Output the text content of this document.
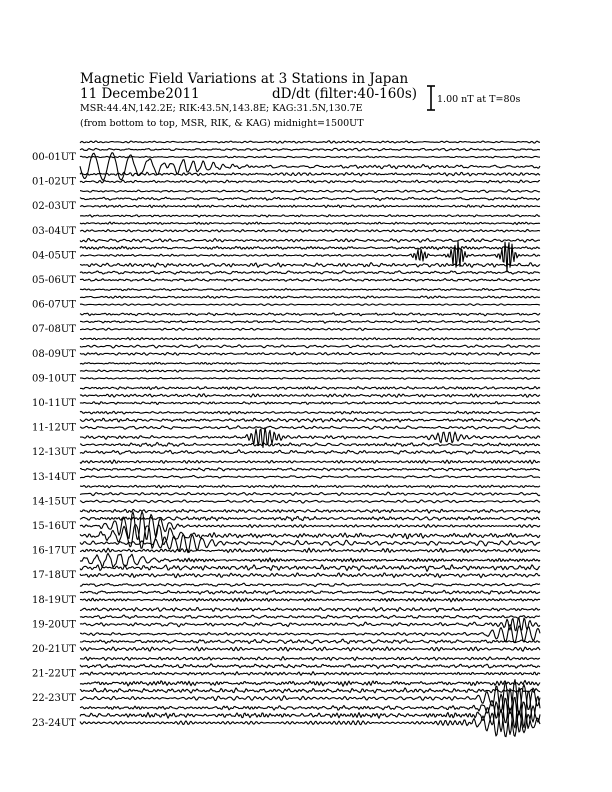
Magnetic Field Variations at 3 Stations in Japan
11 Decembe2011	dD/dt (filter:40-160s)
MSR:44.4N,142.2E; RIK:43.5N,143.8E; KAG:31.5N,130.7E
(from bottom to top, MSR, RIK, & KAG) midnight=1500UT
1.00 nT at T=80s
00-01UT
01-02UT
02-03UT
03-04UT
04-05UT
05-06UT
06-07UT
07-08UT
08-09UT
09-10UT
10-11UT
11-12UT
12-13UT
13-14UT
14-15UT
15-16UT
16-17UT
17-18UT
18-19UT
19-20UT
20-21UT
21-22UT
22-23UT
23-24UT
